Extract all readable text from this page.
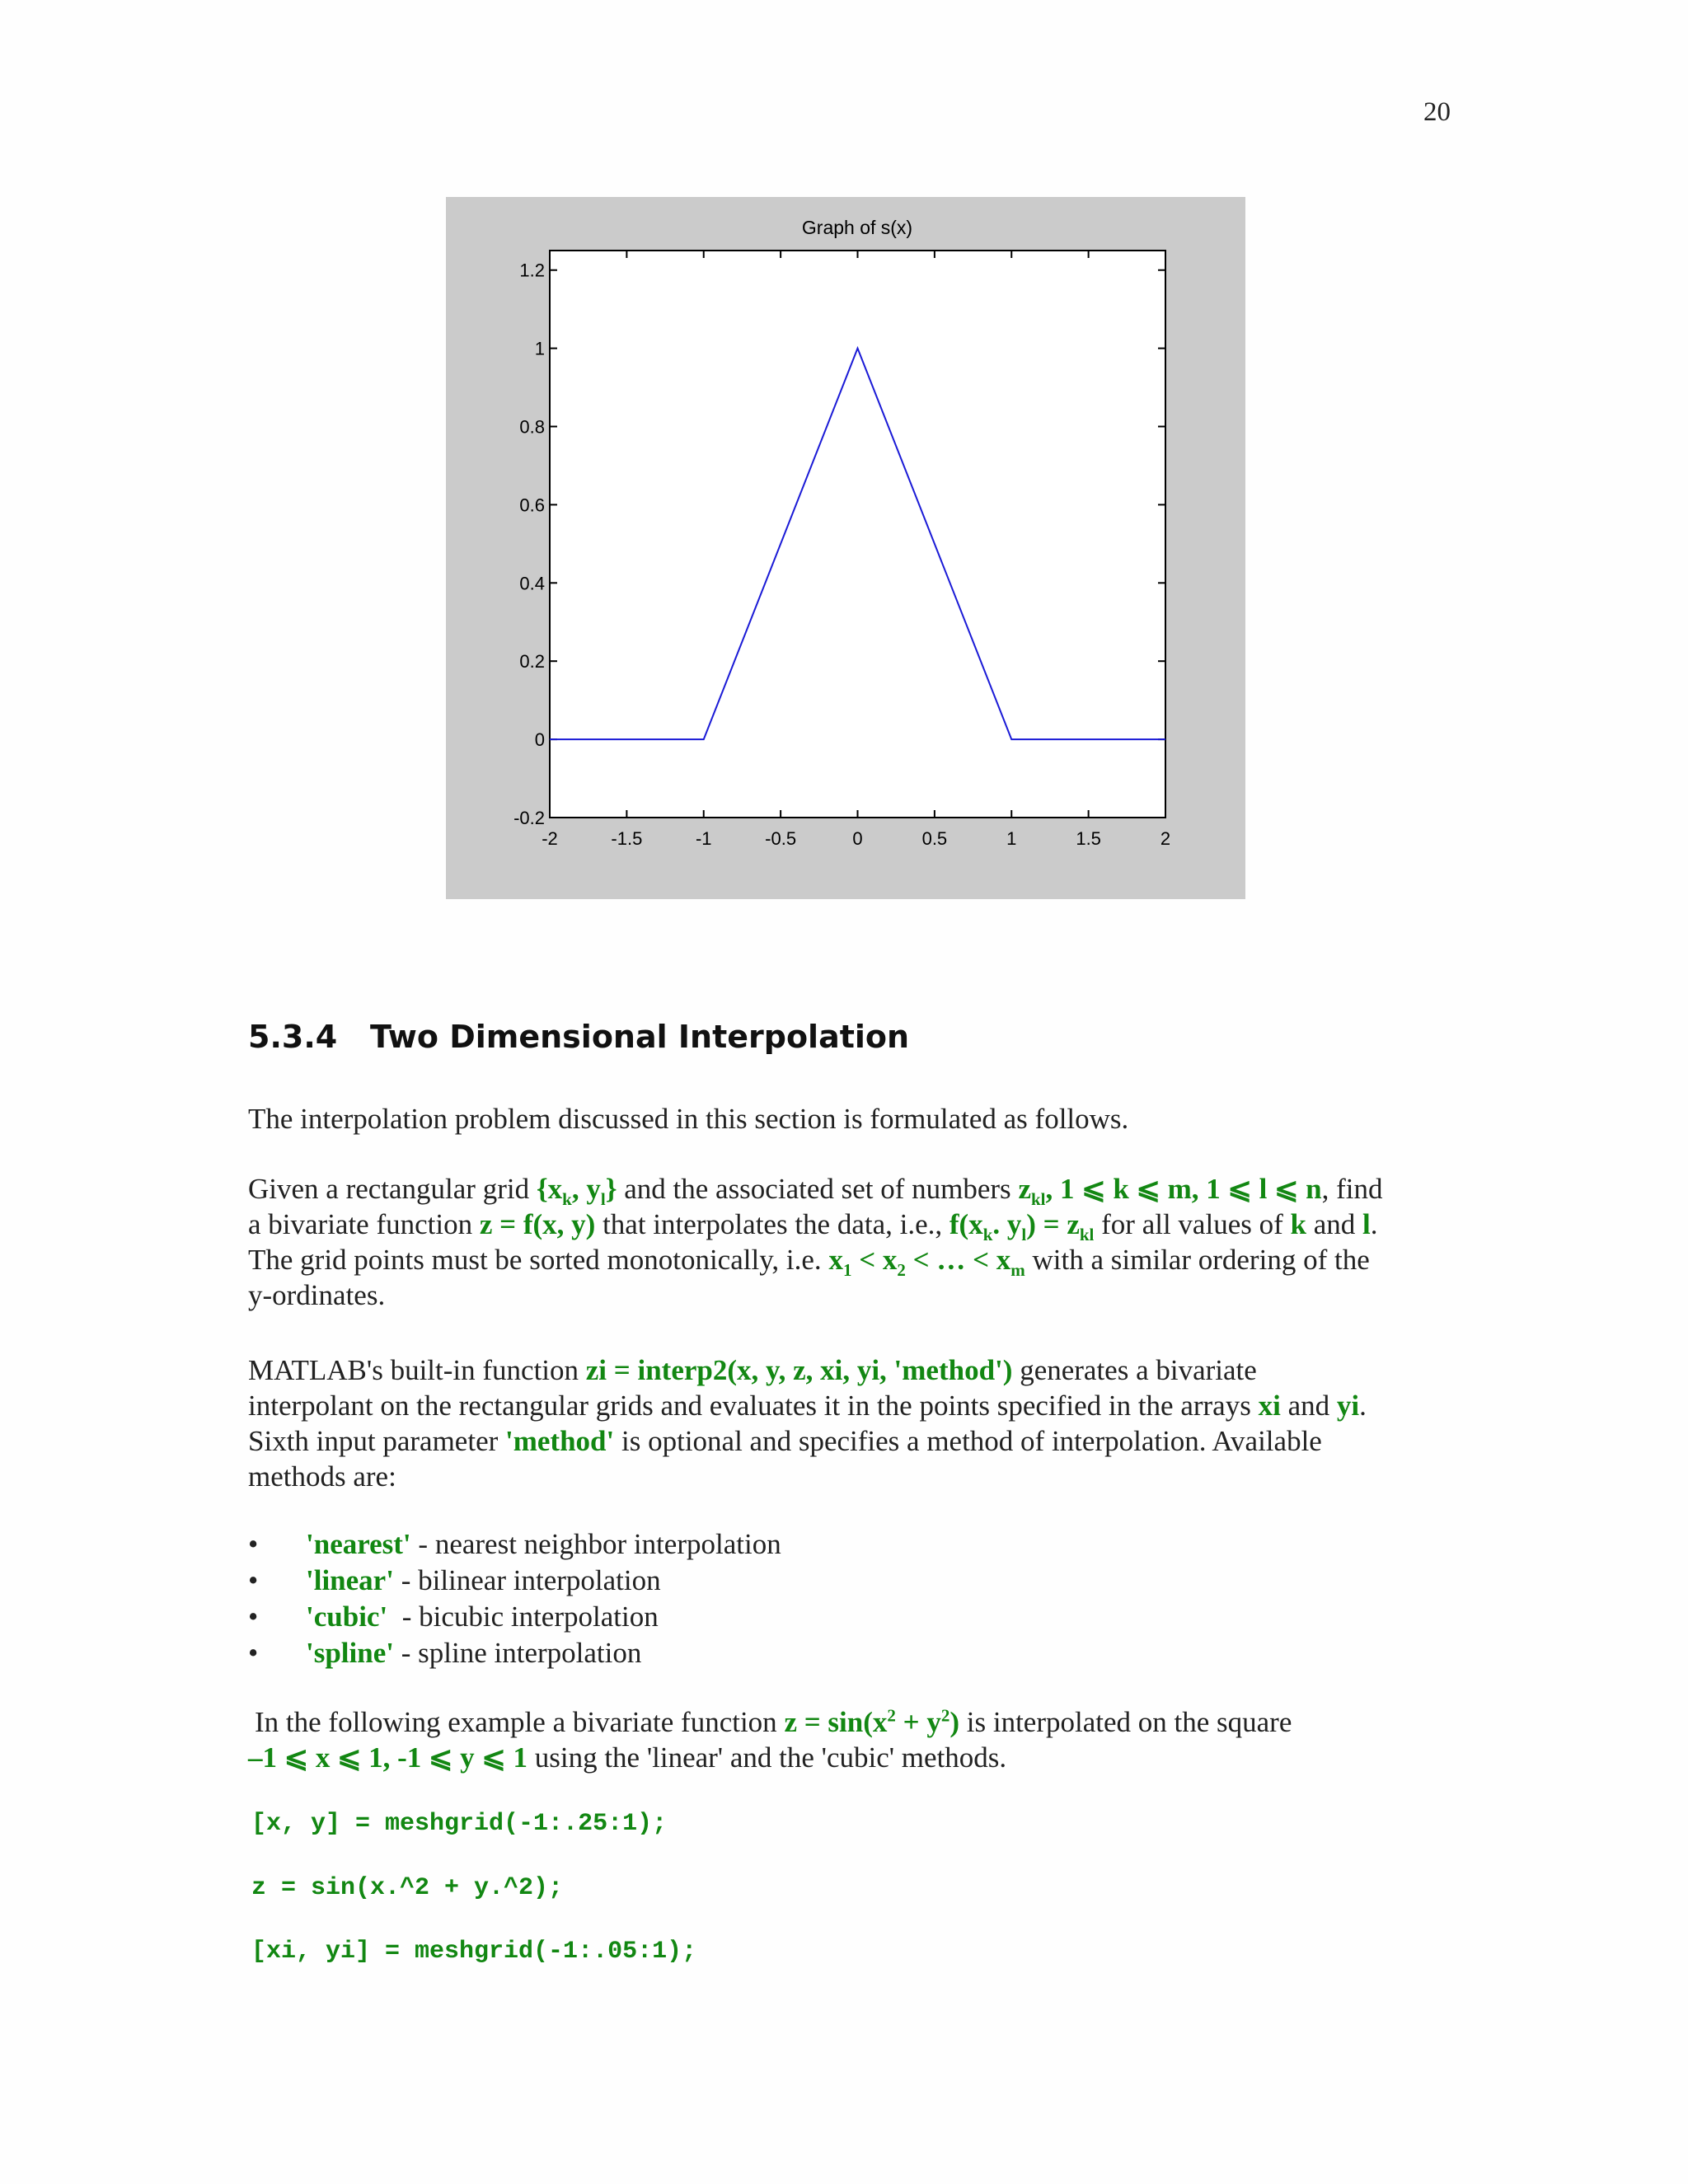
20
Graph of s(x)
-2	-1.5	-1	-0.5	0	0.5	1	1.5	2
1.2
1
0.8
0.6
0.4
0.2
0
-0.2
5.3.4 Two Dimensional Interpolation
The interpolation problem discussed in this section is formulated as follows.
Given a rectangular grid {$x_k$, $y_l$} and the associated set of numbers $z_{kl}$, 1 ⩽ k ⩽ m, 1 ⩽ l ⩽ n, find
a bivariate function z = f(x, y) that interpolates the data, i.e., $f(x_k$. $y_l) = z_{kl}$ for all values of k and l.
The grid points must be sorted monotonically, i.e. $x_1 < x_2$ < … < $x_m$ with a similar ordering of the
y-ordinates.
MATLAB's built-in function zi = interp2(x, y, z, xi, yi, 'method') generates a bivariate
interpolant on the rectangular grids and evaluates it in the points specified in the arrays xi and yi.
Sixth input parameter 'method' is optional and specifies a method of interpolation. Available
methods are:
• 'nearest' - nearest neighbor interpolation
• 'linear' - bilinear interpolation
• 'cubic'  - bicubic interpolation
• 'spline' - spline interpolation
In the following example a bivariate function $z = \sin(x^2 + y^2)$ is interpolated on the square
–1 ⩽ x ⩽ 1, -1 ⩽ y ⩽ 1 using the 'linear' and the 'cubic' methods.
[x, y] = meshgrid(-1:.25:1);
z = sin(x.^2 + y.^2);
[xi, yi] = meshgrid(-1:.05:1);
